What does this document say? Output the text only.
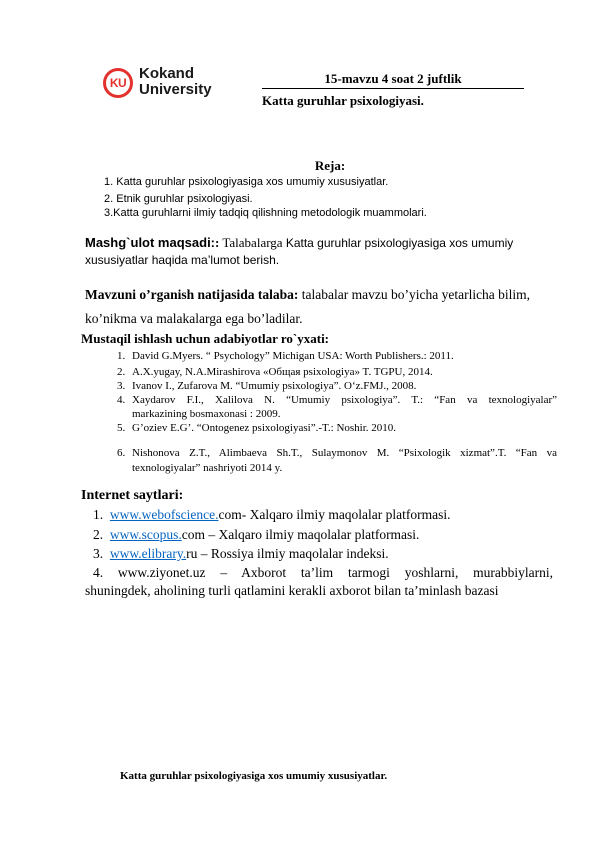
KU
Kokand
University
15-mavzu 4 soat 2 juftlik
Katta guruhlar psixologiyasi.
Reja:
1. Katta guruhlar psixologiyasiga xos umumiy xususiyatlar.
2. Etnik guruhlar psixologiyasi.
3.Katta guruhlarni ilmiy tadqiq qilishning metodologik muammolari.
Mashg`ulot maqsadi:: Talabalarga Katta guruhlar psixologiyasiga xos umumiy
xususiyatlar haqida ma’lumot berish.
Mavzuni o’rganish natijasida talaba: talabalar mavzu bo’yicha yetarlicha bilim,
ko’nikma va malakalarga ega bo’ladilar.
Mustaqil ishlash uchun adabiyotlar ro`yxati:
1. David G.Myers. “ Psychology” Michigan USA: Worth Publishers.: 2011.
2. A.X.yugay, N.A.Mirashirova «Общая psixologiya» T. TGPU, 2014.
3. Ivanov I., Zufarova M. “Umumiy psixologiya”. O‘z.FMJ., 2008.
4. Xaydarov F.I., Xalilova N. “Umumiy psixologiya”. T.: “Fan va texnologiyalar”
markazining bosmaxonasi : 2009.
5. G’oziev E.G’. “Ontogenez psixologiyasi”.-T.: Noshir. 2010.
6. Nishonova Z.T., Alimbaeva Sh.T., Sulaymonov M. “Psixologik xizmat”.T. “Fan va
texnologiyalar” nashriyoti 2014 y.
Internet saytlari:
1. www.webofscience.com- Xalqaro ilmiy maqolalar platformasi.
2. www.scopus.com – Xalqaro ilmiy maqolalar platformasi.
3. www.elibrary.ru – Rossiya ilmiy maqolalar indeksi.
4. www.ziyonet.uz – Axborot ta’lim tarmogi yoshlarni, murabbiylarni,
shuningdek, aholining turli qatlamini kerakli axborot bilan ta’minlash bazasi
Katta guruhlar psixologiyasiga xos umumiy xususiyatlar.
